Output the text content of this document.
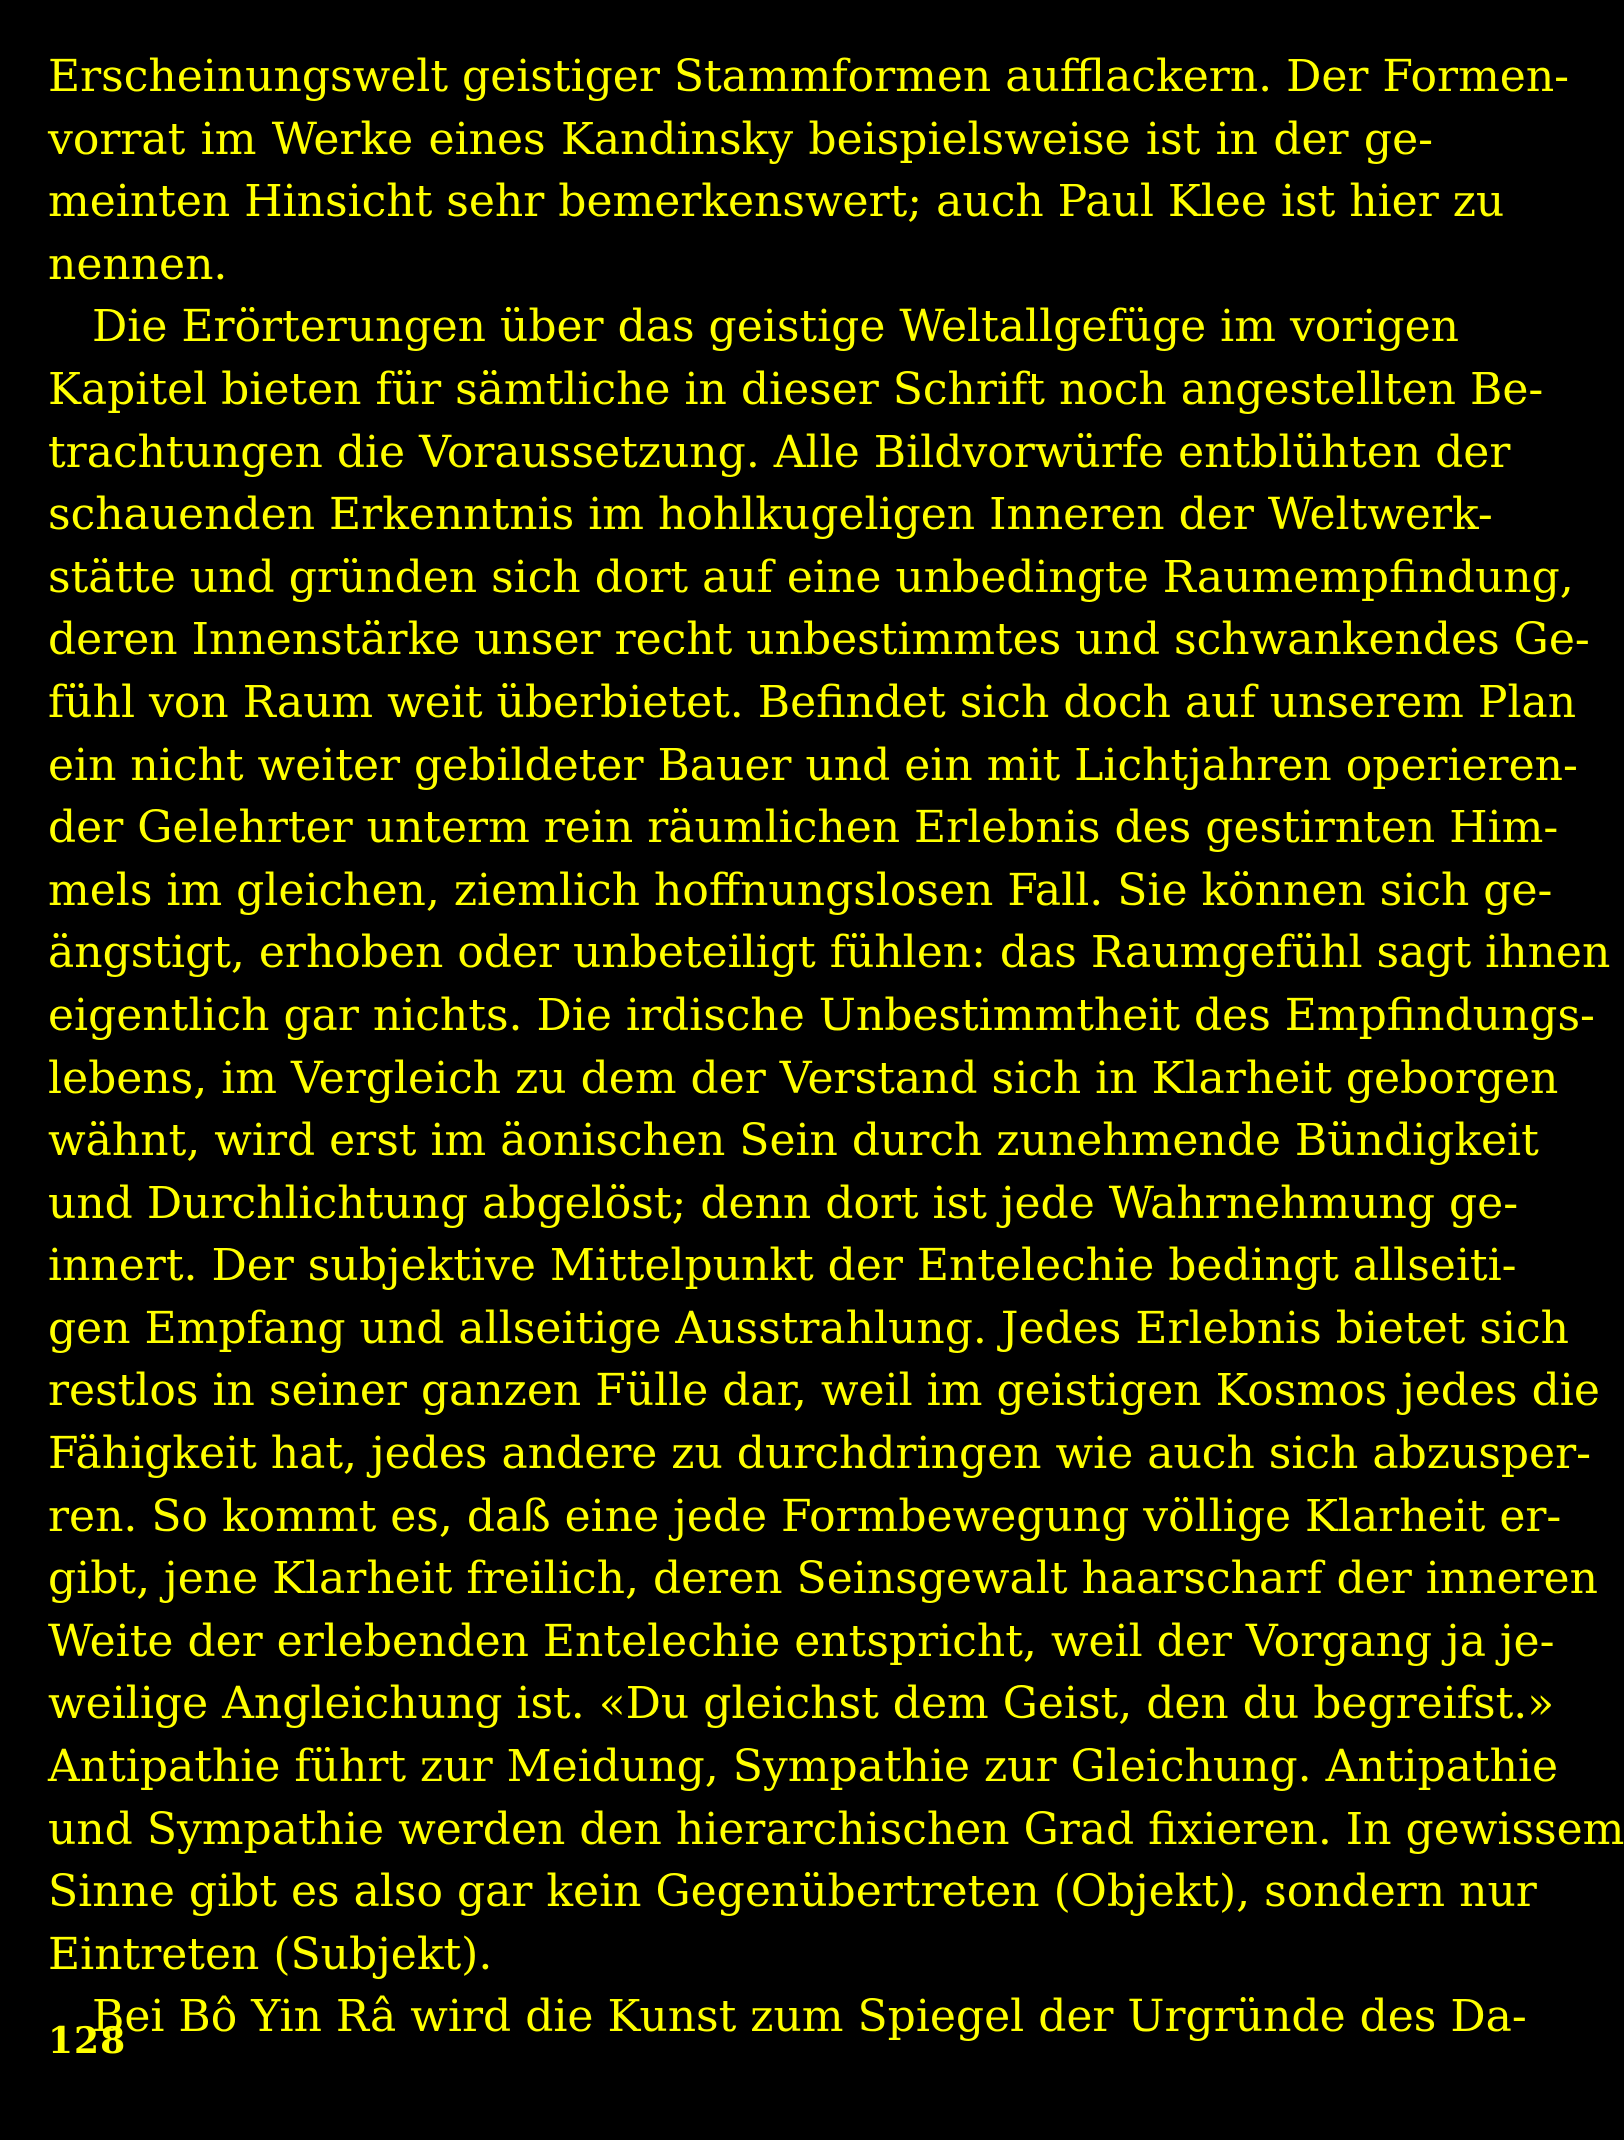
Erscheinungswelt geistiger Stammformen aufflackern. Der Formen-
vorrat im Werke eines Kandinsky beispielsweise ist in der ge-
meinten Hinsicht sehr bemerkenswert; auch Paul Klee ist hier zu
nennen.
Die Erörterungen über das geistige Weltallgefüge im vorigen
Kapitel bieten für sämtliche in dieser Schrift noch angestellten Be-
trachtungen die Voraussetzung. Alle Bildvorwürfe entblühten der
schauenden Erkenntnis im hohlkugeligen Inneren der Weltwerk-
stätte und gründen sich dort auf eine unbedingte Raumempfindung,
deren Innenstärke unser recht unbestimmtes und schwankendes Ge-
fühl von Raum weit überbietet. Befindet sich doch auf unserem Plan
ein nicht weiter gebildeter Bauer und ein mit Lichtjahren operieren-
der Gelehrter unterm rein räumlichen Erlebnis des gestirnten Him-
mels im gleichen, ziemlich hoffnungslosen Fall. Sie können sich ge-
ängstigt, erhoben oder unbeteiligt fühlen: das Raumgefühl sagt ihnen
eigentlich gar nichts. Die irdische Unbestimmtheit des Empfindungs-
lebens, im Vergleich zu dem der Verstand sich in Klarheit geborgen
wähnt, wird erst im äonischen Sein durch zunehmende Bündigkeit
und Durchlichtung abgelöst; denn dort ist jede Wahrnehmung ge-
innert. Der subjektive Mittelpunkt der Entelechie bedingt allseiti-
gen Empfang und allseitige Ausstrahlung. Jedes Erlebnis bietet sich
restlos in seiner ganzen Fülle dar, weil im geistigen Kosmos jedes die
Fähigkeit hat, jedes andere zu durchdringen wie auch sich abzusper-
ren. So kommt es, daß eine jede Formbewegung völlige Klarheit er-
gibt, jene Klarheit freilich, deren Seinsgewalt haarscharf der inneren
Weite der erlebenden Entelechie entspricht, weil der Vorgang ja je-
weilige Angleichung ist. «Du gleichst dem Geist, den du begreifst.»
Antipathie führt zur Meidung, Sympathie zur Gleichung. Antipathie
und Sympathie werden den hierarchischen Grad fixieren. In gewissem
Sinne gibt es also gar kein Gegenübertreten (Objekt), sondern nur
Eintreten (Subjekt).
Bei Bô Yin Râ wird die Kunst zum Spiegel der Urgründe des Da-
128
